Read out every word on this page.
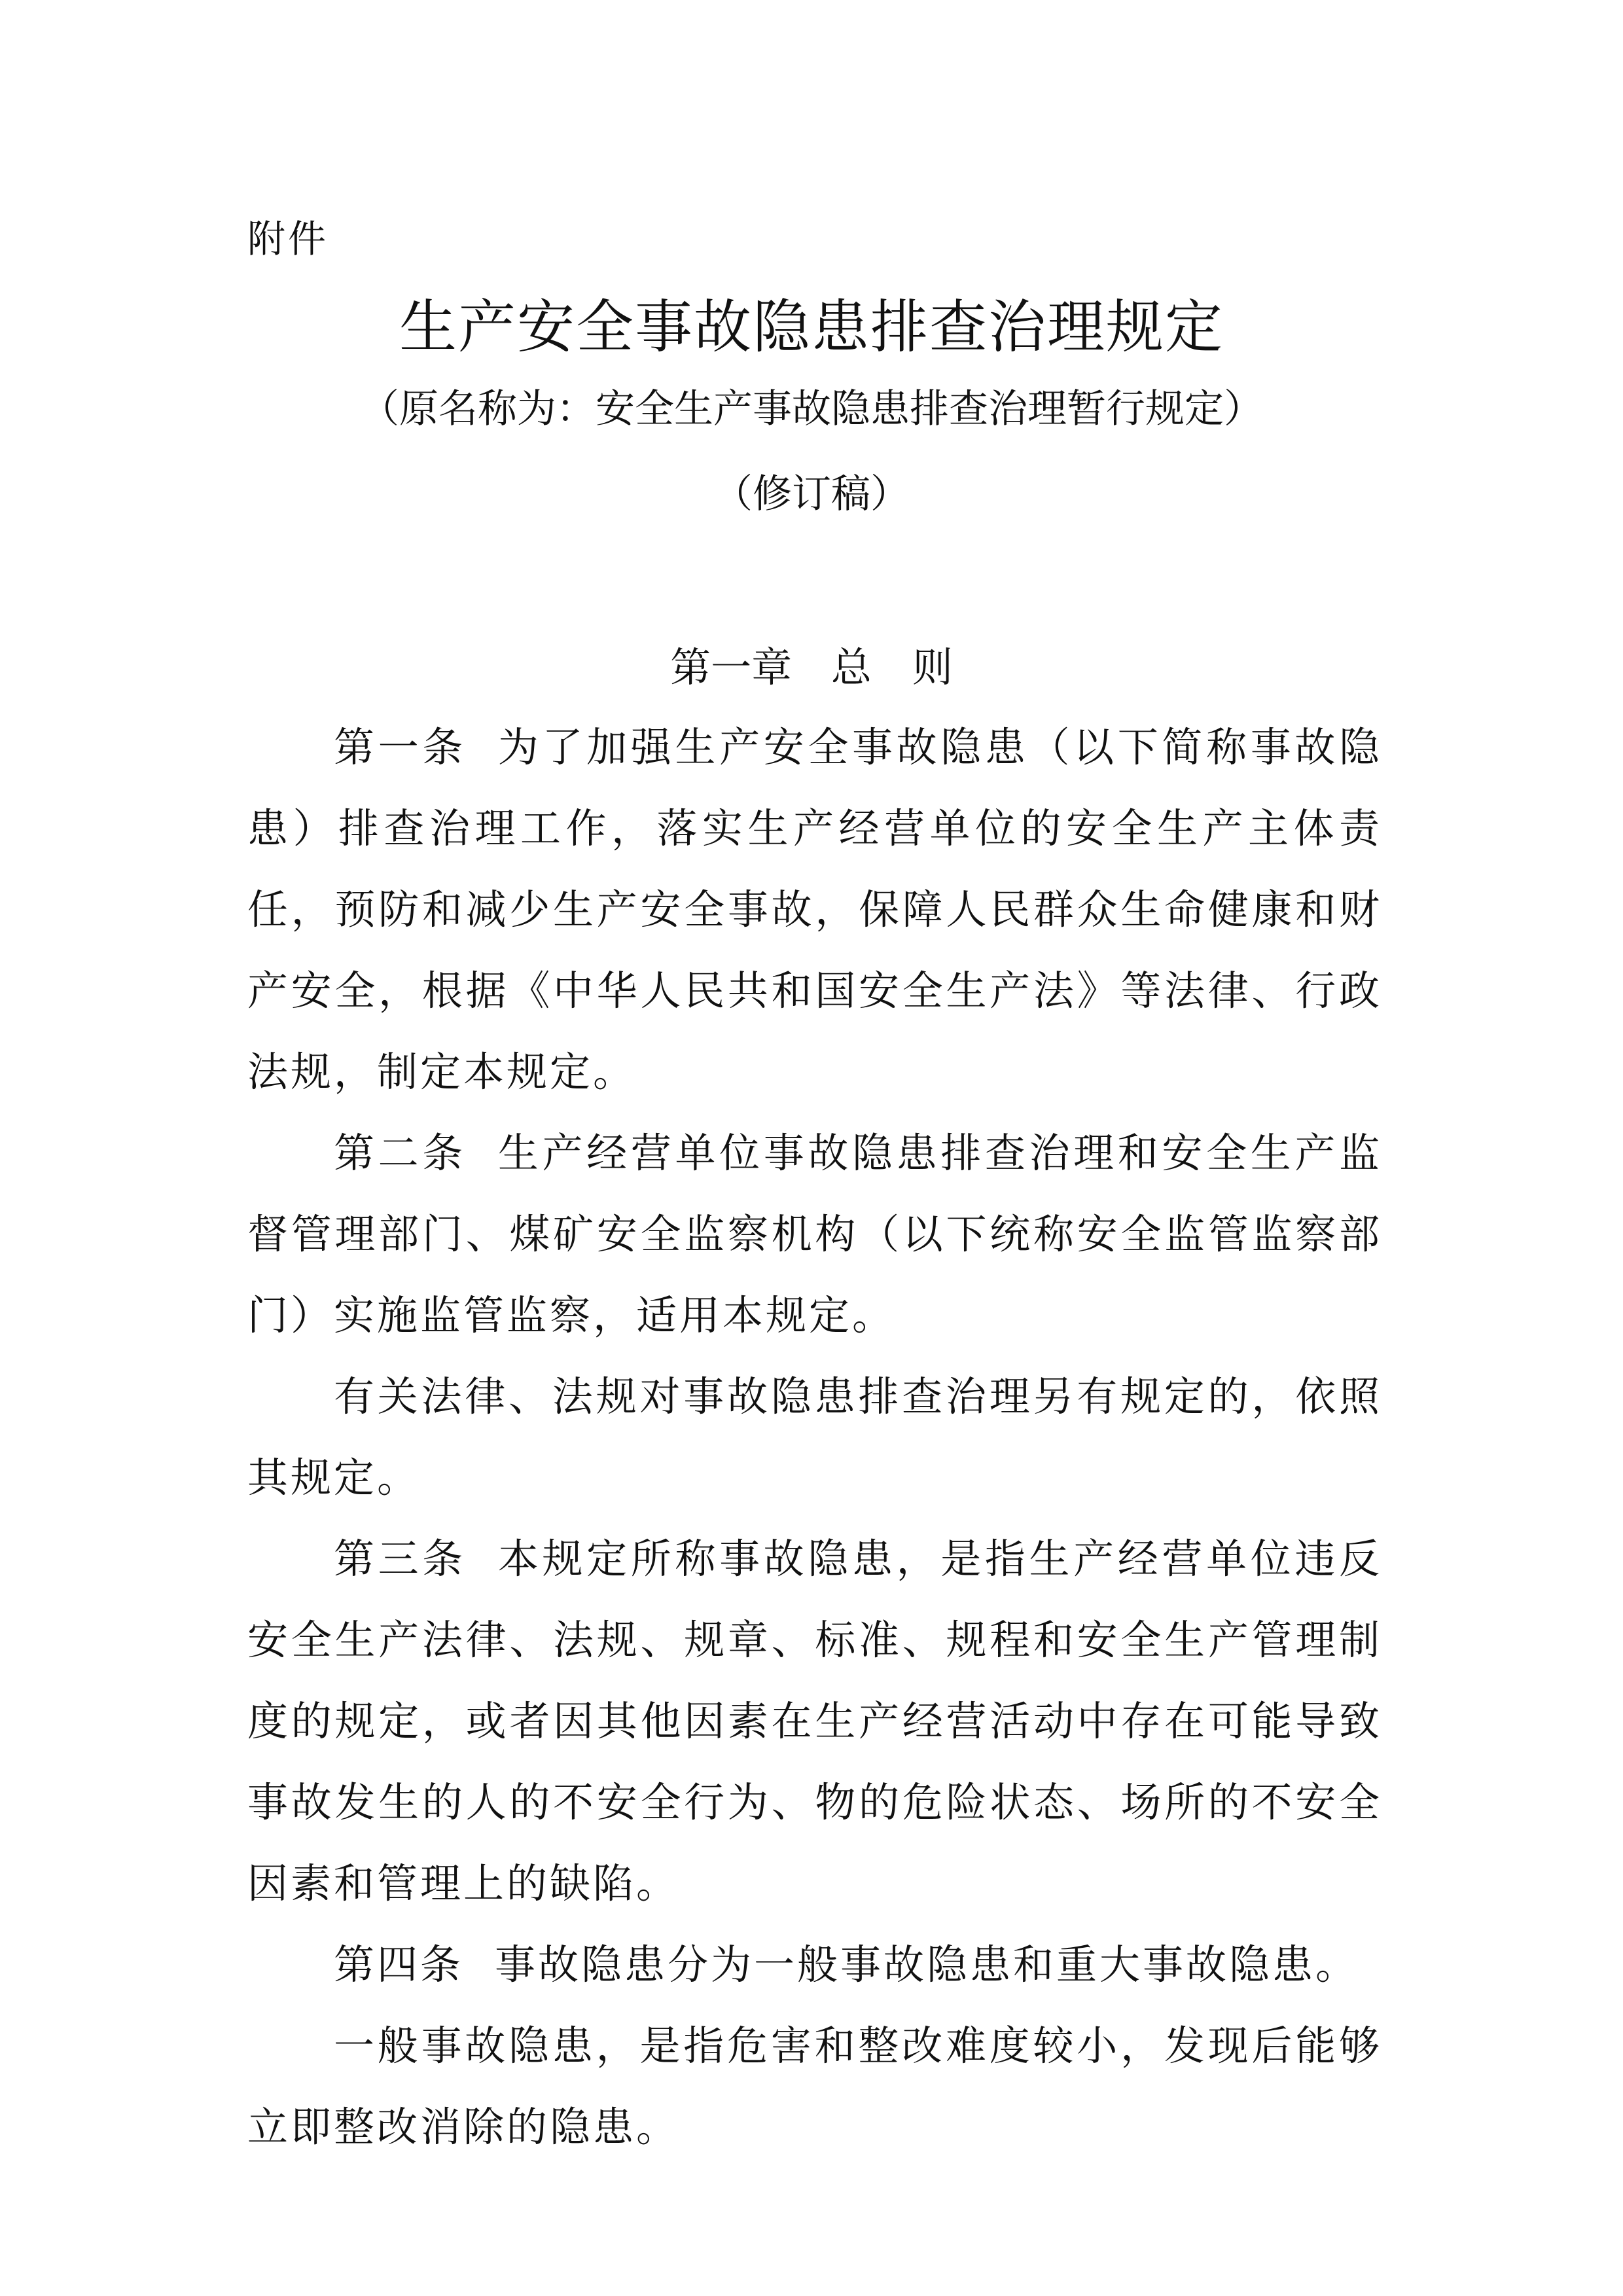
附件
生产安全事故隐患排查治理规定
（原名称为：安全生产事故隐患排查治理暂行规定）
（修订稿）
第一章 总　则

第一条 为了加强生产安全事故隐患（以下简称事故隐患）排查治理工作，落实生产经营单位的安全生产主体责任，预防和减少生产安全事故，保障人民群众生命健康和财产安全，根据《中华人民共和国安全生产法》等法律、行政法规，制定本规定。

第二条 生产经营单位事故隐患排查治理和安全生产监督管理部门、煤矿安全监察机构（以下统称安全监管监察部门）实施监管监察，适用本规定。

有关法律、法规对事故隐患排查治理另有规定的，依照其规定。

第三条 本规定所称事故隐患，是指生产经营单位违反安全生产法律、法规、规章、标准、规程和安全生产管理制度的规定，或者因其他因素在生产经营活动中存在可能导致事故发生的人的不安全行为、物的危险状态、场所的不安全因素和管理上的缺陷。

第四条 事故隐患分为一般事故隐患和重大事故隐患。

一般事故隐患，是指危害和整改难度较小，发现后能够立即整改消除的隐患。
